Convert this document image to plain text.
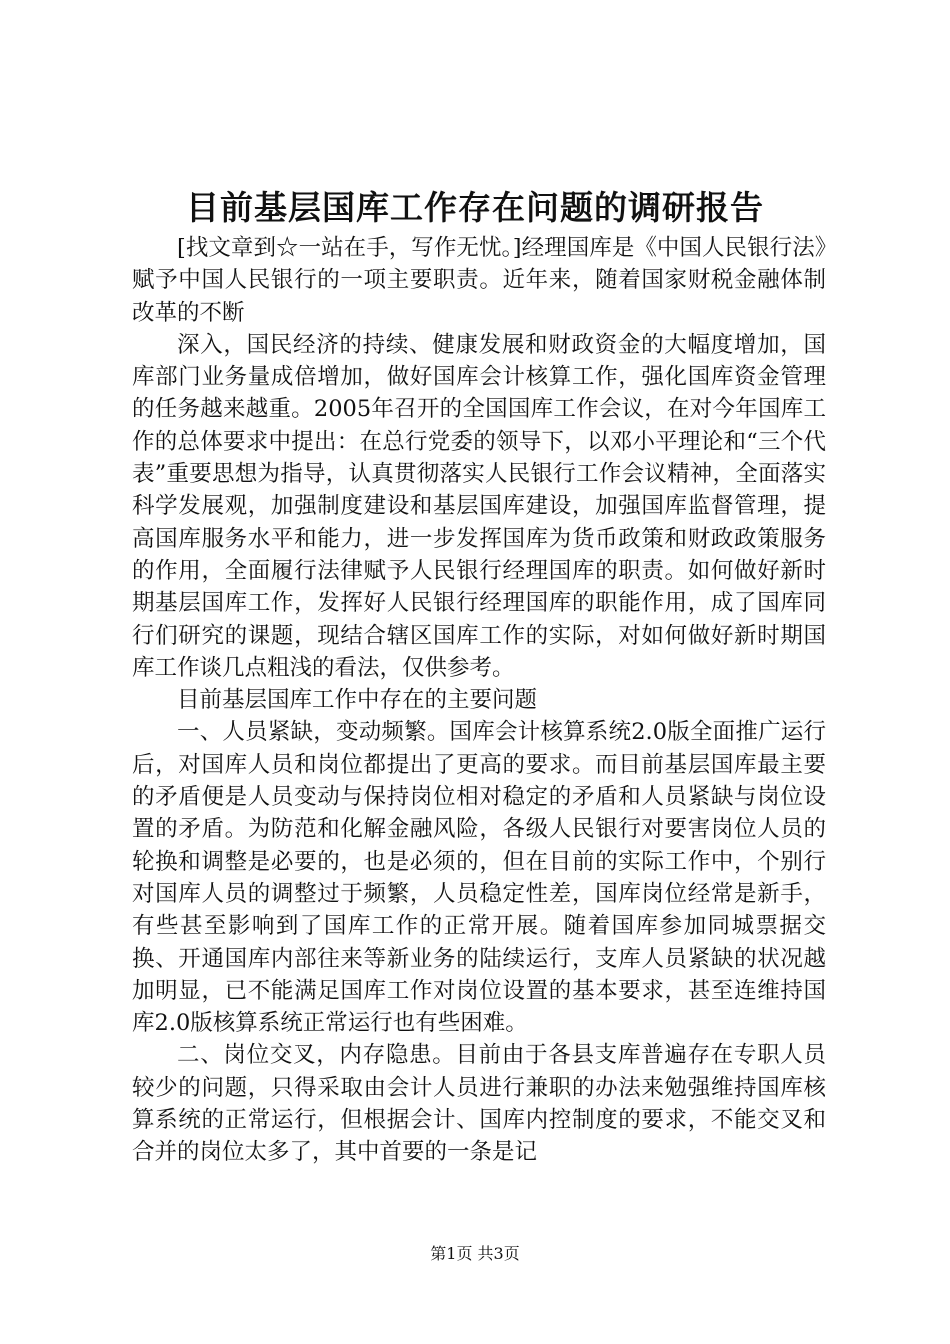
目前基层国库工作存在问题的调研报告

[找文章到☆一站在手，写作无忧。]经理国库是《中国人民银行法》赋予中国人民银行的一项主要职责。近年来，随着国家财税金融体制改革的不断

深入，国民经济的持续、健康发展和财政资金的大幅度增加，国库部门业务量成倍增加，做好国库会计核算工作，强化国库资金管理的任务越来越重。2005年召开的全国国库工作会议，在对今年国库工作的总体要求中提出：在总行党委的领导下，以邓小平理论和“三个代表”重要思想为指导，认真贯彻落实人民银行工作会议精神，全面落实科学发展观，加强制度建设和基层国库建设，加强国库监督管理，提高国库服务水平和能力，进一步发挥国库为货币政策和财政政策服务的作用，全面履行法律赋予人民银行经理国库的职责。如何做好新时期基层国库工作，发挥好人民银行经理国库的职能作用，成了国库同行们研究的课题，现结合辖区国库工作的实际，对如何做好新时期国库工作谈几点粗浅的看法，仅供参考。

目前基层国库工作中存在的主要问题

一、人员紧缺，变动频繁。国库会计核算系统2.0版全面推广运行后，对国库人员和岗位都提出了更高的要求。而目前基层国库最主要的矛盾便是人员变动与保持岗位相对稳定的矛盾和人员紧缺与岗位设置的矛盾。为防范和化解金融风险，各级人民银行对要害岗位人员的轮换和调整是必要的，也是必须的，但在目前的实际工作中，个别行对国库人员的调整过于频繁，人员稳定性差，国库岗位经常是新手，有些甚至影响到了国库工作的正常开展。随着国库参加同城票据交换、开通国库内部往来等新业务的陆续运行，支库人员紧缺的状况越加明显，已不能满足国库工作对岗位设置的基本要求，甚至连维持国库2.0版核算系统正常运行也有些困难。

二、岗位交叉，内存隐患。目前由于各县支库普遍存在专职人员较少的问题，只得采取由会计人员进行兼职的办法来勉强维持国库核算系统的正常运行，但根据会计、国库内控制度的要求，不能交叉和合并的岗位太多了，其中首要的一条是记

第1页 共3页
